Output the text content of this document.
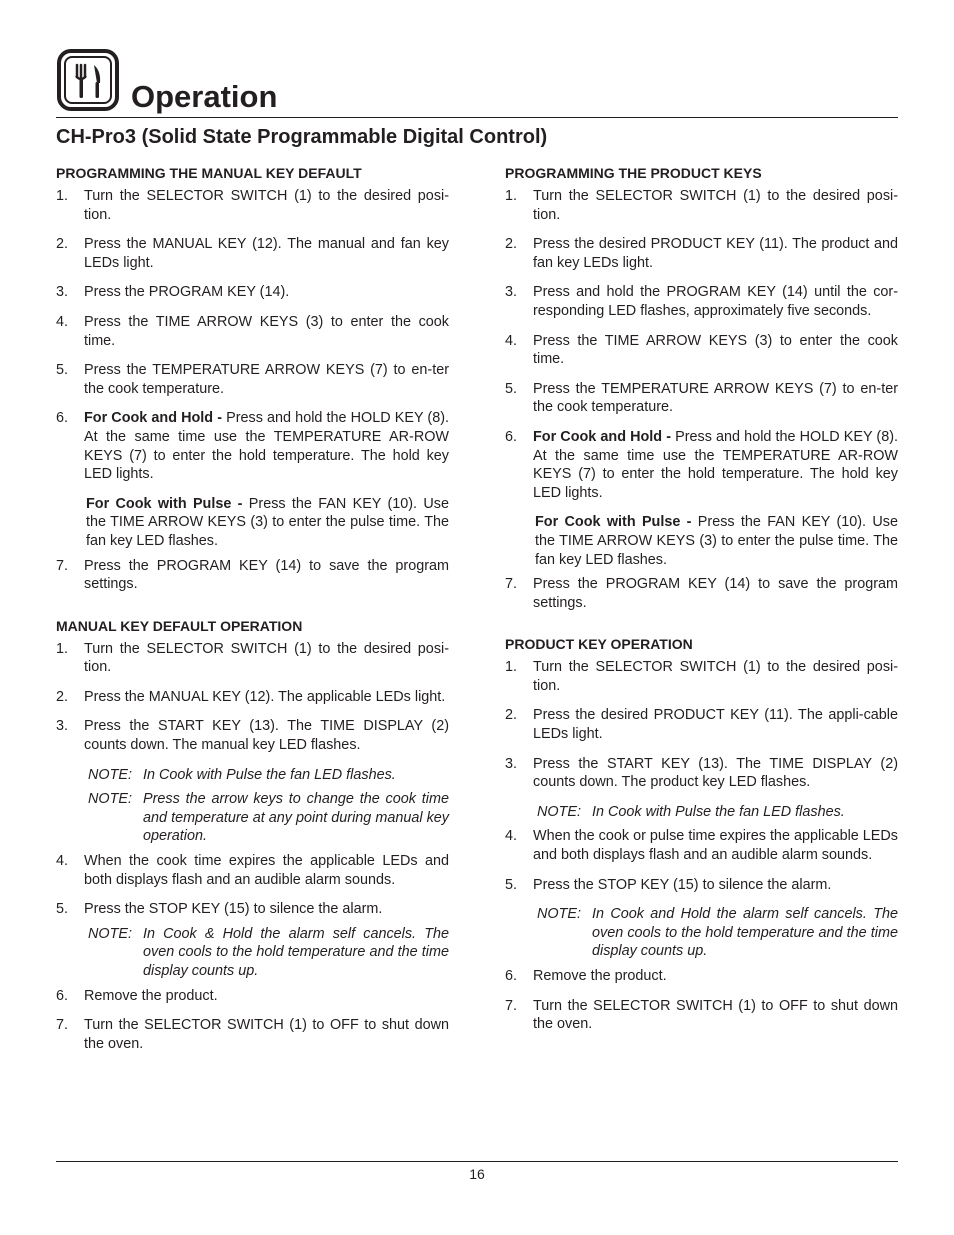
Operation
CH-Pro3 (Solid State Programmable Digital Control)
PROGRAMMING THE MANUAL KEY DEFAULT
1.	Turn the SELECTOR SWITCH (1) to the desired posi-tion.
2.	Press the MANUAL KEY (12). The manual and fan key LEDs light.
3.	Press the PROGRAM KEY (14).
4.	Press the TIME ARROW KEYS (3) to enter the cook time.
5.	Press the TEMPERATURE ARROW KEYS (7) to en-ter the cook temperature.
6.	For Cook and Hold - Press and hold the HOLD KEY (8). At the same time use the TEMPERATURE AR-ROW KEYS (7) to enter the hold temperature. The hold key LED lights.

For Cook with Pulse - Press the FAN KEY (10). Use the TIME ARROW KEYS (3) to enter the pulse time. The fan key LED flashes.

7.	Press the PROGRAM KEY (14) to save the program settings.
MANUAL KEY DEFAULT OPERATION
1.	Turn the SELECTOR SWITCH (1) to the desired posi-tion.
2.	Press the MANUAL KEY (12). The applicable LEDs light.
3.	Press the START KEY (13). The TIME DISPLAY (2) counts down. The manual key LED flashes.
NOTE: In Cook with Pulse the fan LED flashes.
NOTE: Press the arrow keys to change the cook time and temperature at any point during manual key operation.
4.	When the cook time expires the applicable LEDs and both displays flash and an audible alarm sounds.
5.	Press the STOP KEY (15) to silence the alarm.
NOTE: In Cook & Hold the alarm self cancels. The oven cools to the hold temperature and the time display counts up.
6.	Remove the product.
7.	Turn the SELECTOR SWITCH (1) to OFF to shut down the oven.
PROGRAMMING THE PRODUCT KEYS
1.	Turn the SELECTOR SWITCH (1) to the desired posi-tion.
2.	Press the desired PRODUCT KEY (11). The product and fan key LEDs light.
3.	Press and hold the PROGRAM KEY (14) until the cor-responding LED flashes, approximately five seconds.
4.	Press the TIME ARROW KEYS (3) to enter the cook time.
5.	Press the TEMPERATURE ARROW KEYS (7) to en-ter the cook temperature.
6.	For Cook and Hold - Press and hold the HOLD KEY (8). At the same time use the TEMPERATURE AR-ROW KEYS (7) to enter the hold temperature. The hold key LED lights.

For Cook with Pulse - Press the FAN KEY (10). Use the TIME ARROW KEYS (3) to enter the pulse time. The fan key LED flashes.

7.	Press the PROGRAM KEY (14) to save the program settings.
PRODUCT KEY OPERATION
1.	Turn the SELECTOR SWITCH (1) to the desired posi-tion.
2.	Press the desired PRODUCT KEY (11). The appli-cable LEDs light.
3.	Press the START KEY (13). The TIME DISPLAY (2) counts down. The product key LED flashes.
NOTE: In Cook with Pulse the fan LED flashes.
4.	When the cook or pulse time expires the applicable LEDs and both displays flash and an audible alarm sounds.
5.	Press the STOP KEY (15) to silence the alarm.
NOTE: In Cook and Hold the alarm self cancels. The oven cools to the hold temperature and the time display counts up.
6.	Remove the product.
7.	Turn the SELECTOR SWITCH (1) to OFF to shut down the oven.
16
